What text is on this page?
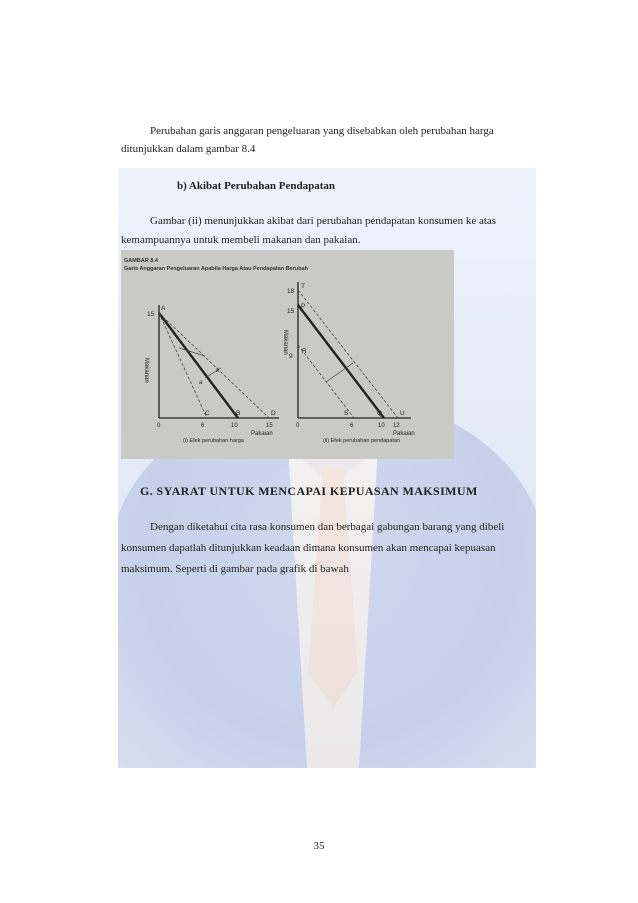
Perubahan garis anggaran pengeluaran yang disebabkan oleh perubahan harga
ditunjukkan dalam gambar 8.4
b) Akibat Perubahan Pendapatan
Gambar (ii) menunjukkan akibat dari perubahan pendapatan konsumen ke atas
kemampuannya untuk membeli makanan dan pakaian.
GAMBAR 8.4
Garis Anggaran Pengeluaran Apabila Harga Atau Pendapatan Berubah
15
A
B
C	D
a
b
0	6	10	15
Pakaian
(i) Efek perubahan harga
Makanan
18
15
9
T
P
R
S	Q	U
0	6	10 12
Pakaian
(ii) Efek perubahan pendapatan
Makanan
G. SYARAT UNTUK MENCAPAI KEPUASAN MAKSIMUM
Dengan diketahui cita rasa konsumen dan berbagai gabungan barang yang dibeli
konsumen dapatlah ditunjukkan keadaan dimana konsumen akan mencapai kepuasan
maksimum. Seperti di gambar pada grafik di bawah
35
